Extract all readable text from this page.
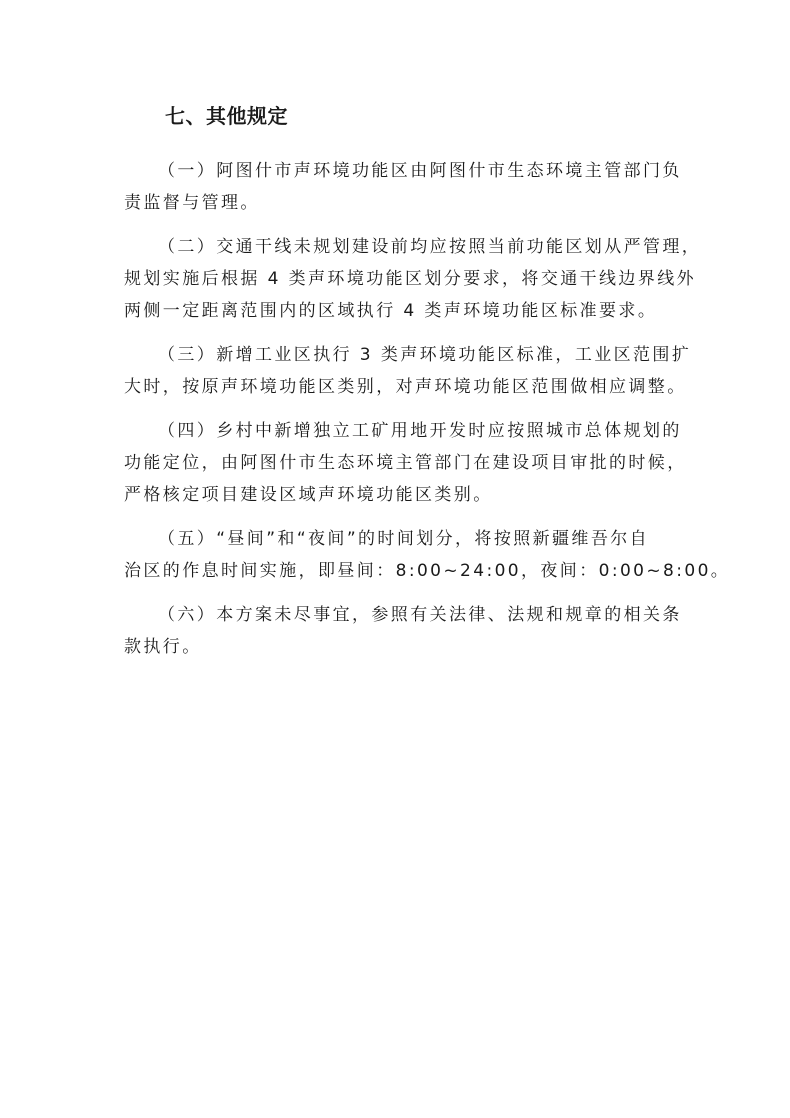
七、其他规定
（一）阿图什市声环境功能区由阿图什市生态环境主管部门负
责监督与管理。
（二）交通干线未规划建设前均应按照当前功能区划从严管理，
规划实施后根据 4 类声环境功能区划分要求，将交通干线边界线外
两侧一定距离范围内的区域执行 4 类声环境功能区标准要求。
（三）新增工业区执行 3 类声环境功能区标准，工业区范围扩
大时，按原声环境功能区类别，对声环境功能区范围做相应调整。
（四）乡村中新增独立工矿用地开发时应按照城市总体规划的
功能定位，由阿图什市生态环境主管部门在建设项目审批的时候，
严格核定项目建设区域声环境功能区类别。
（五）“昼间”和“夜间”的时间划分，将按照新疆维吾尔自
治区的作息时间实施，即昼间：8:00~24:00，夜间：0:00~8:00。
（六）本方案未尽事宜，参照有关法律、法规和规章的相关条
款执行。
